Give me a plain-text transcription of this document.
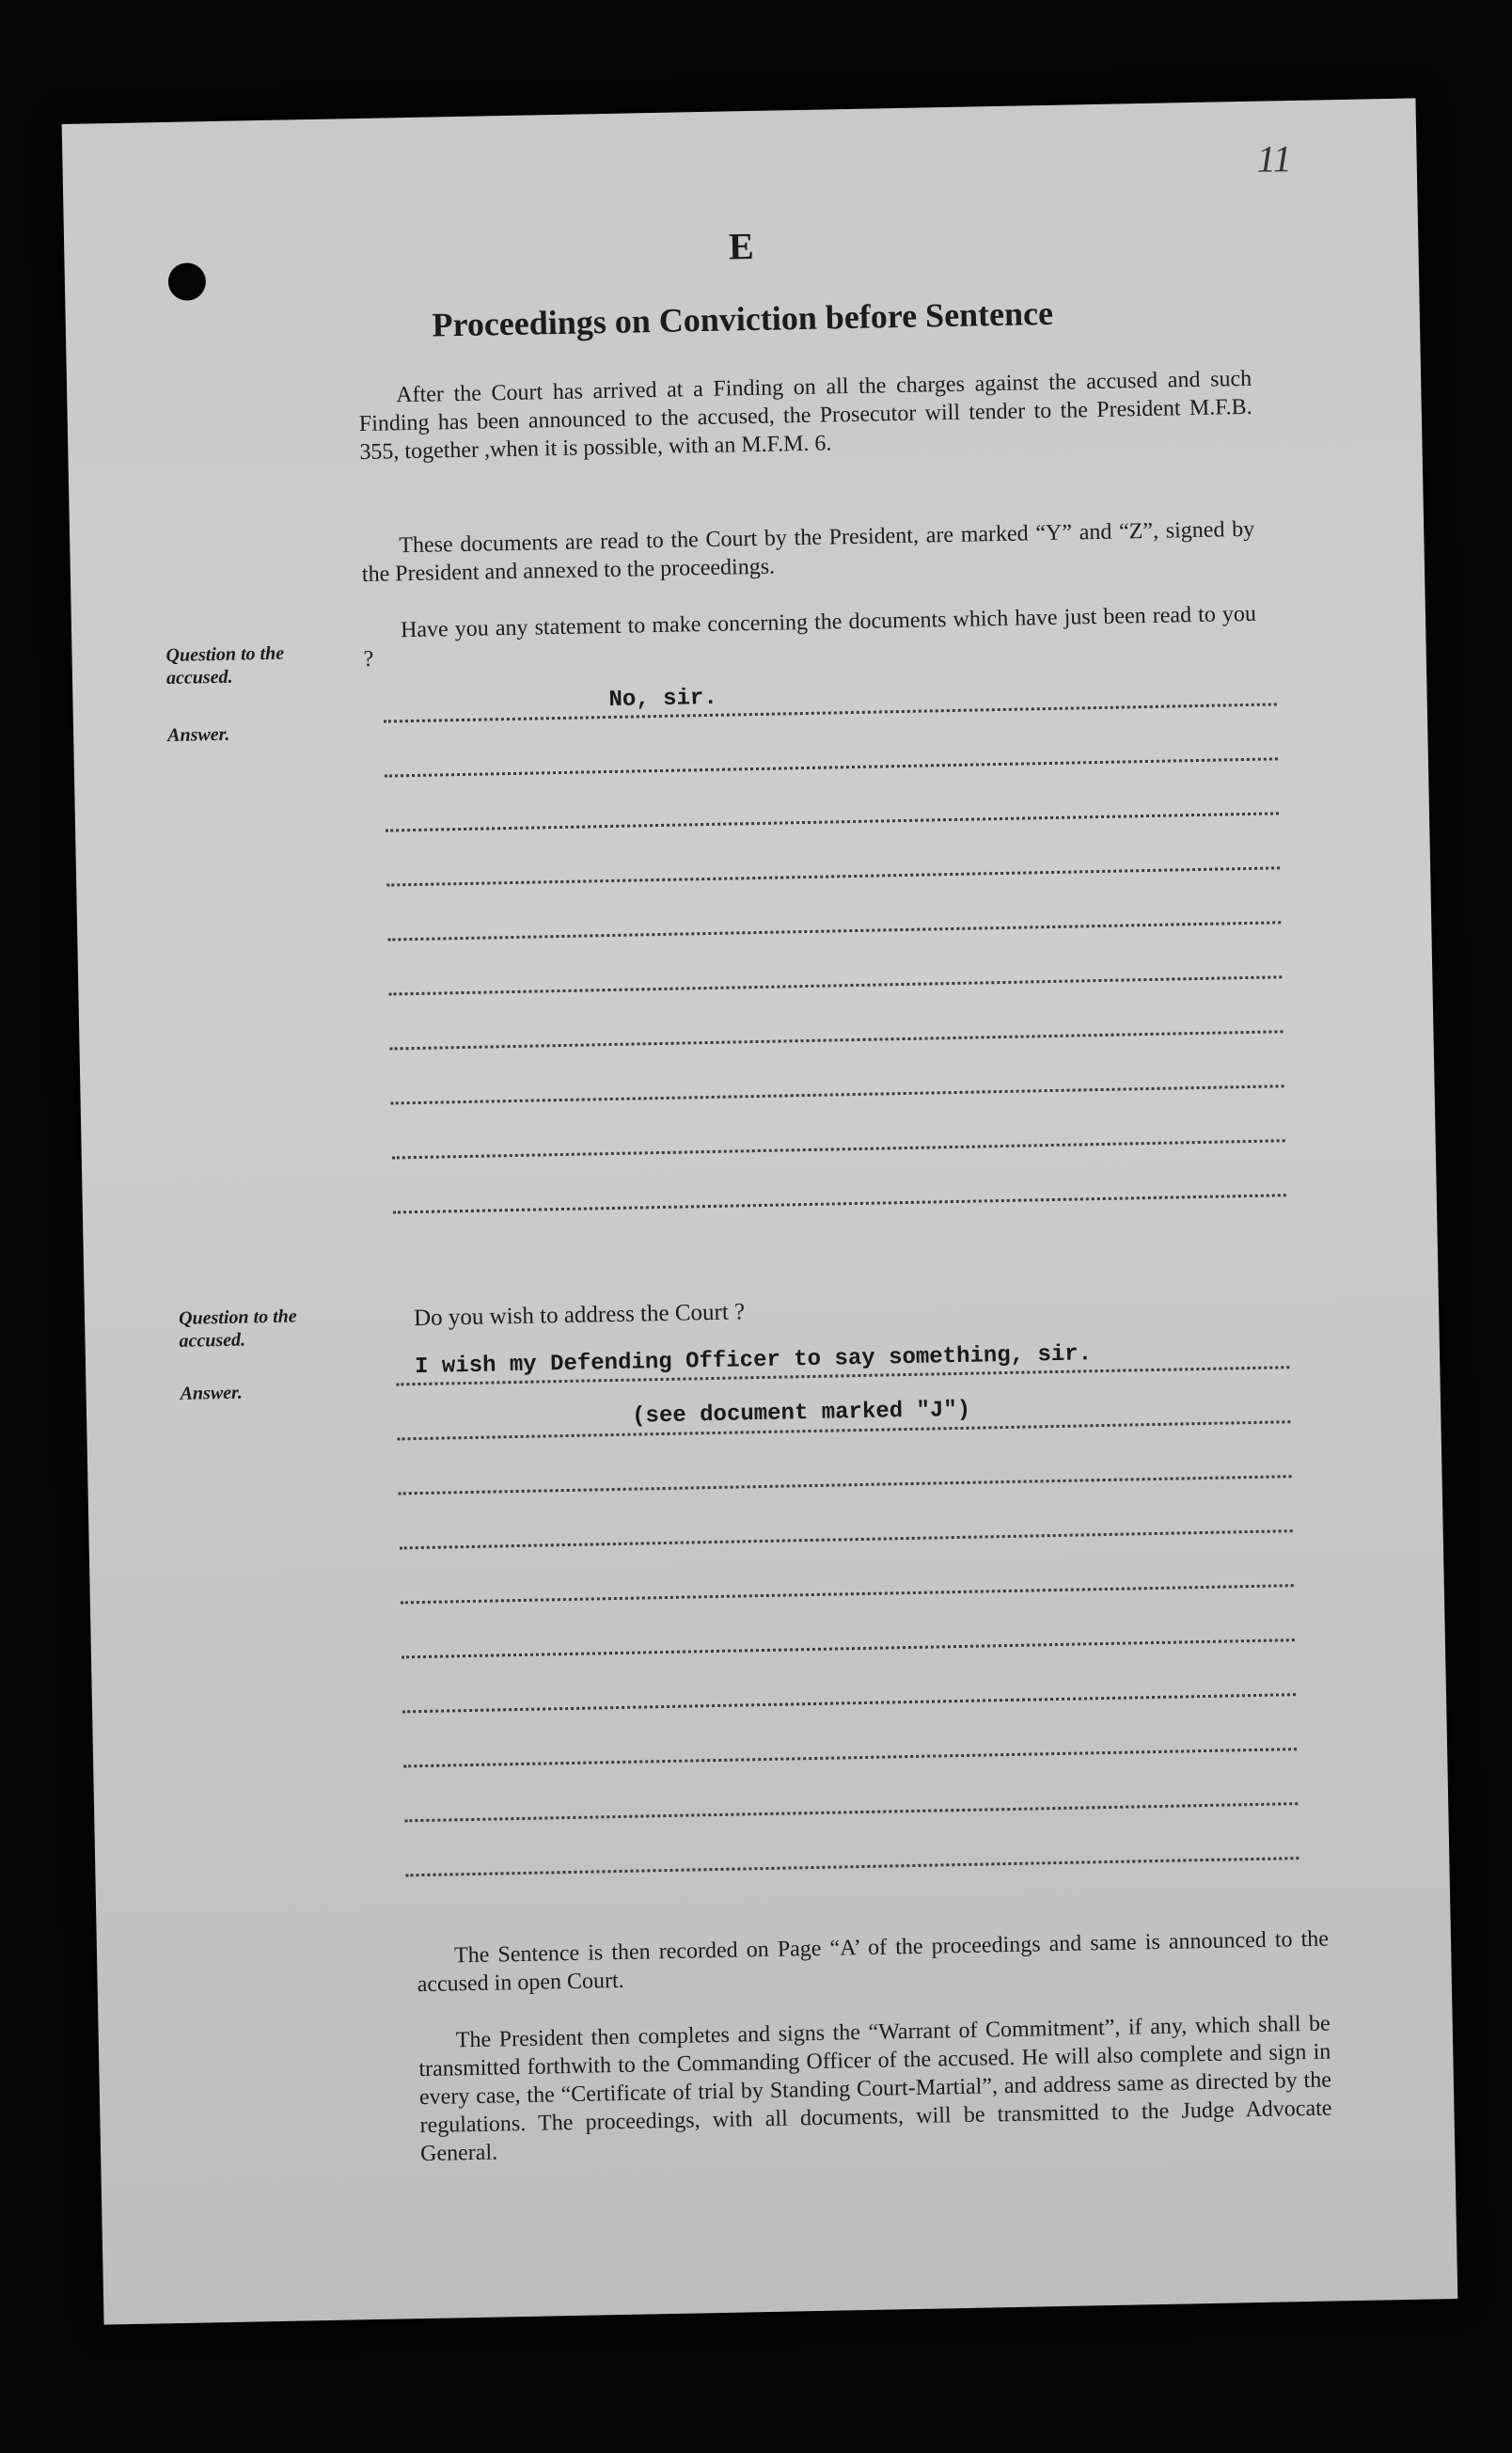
11
E
Proceedings on Conviction before Sentence
After the Court has arrived at a Finding on all the charges against the accused and such Finding has been announced to the accused, the Prosecutor will tender to the President M.F.B. 355, together ,when it is possible, with an M.F.M. 6.
These documents are read to the Court by the President, are marked “Y” and “Z”, signed by the President and annexed to the proceedings.
Question to the accused.
Have you any statement to make concerning the documents which have just been read to you ?
Answer.
No, sir.
Question to the accused.
Do you wish to address the Court ?
Answer.
I wish my Defending Officer to say something, sir.
(see document marked "J")
The Sentence is then recorded on Page “A’ of the proceedings and same is announced to the accused in open Court.
The President then completes and signs the “Warrant of Commitment”, if any, which shall be transmitted forthwith to the Commanding Officer of the accused. He will also complete and sign in every case, the “Certificate of trial by Standing Court-Martial”, and address same as directed by the regulations. The proceedings, with all documents, will be transmitted to the Judge Advocate General.
